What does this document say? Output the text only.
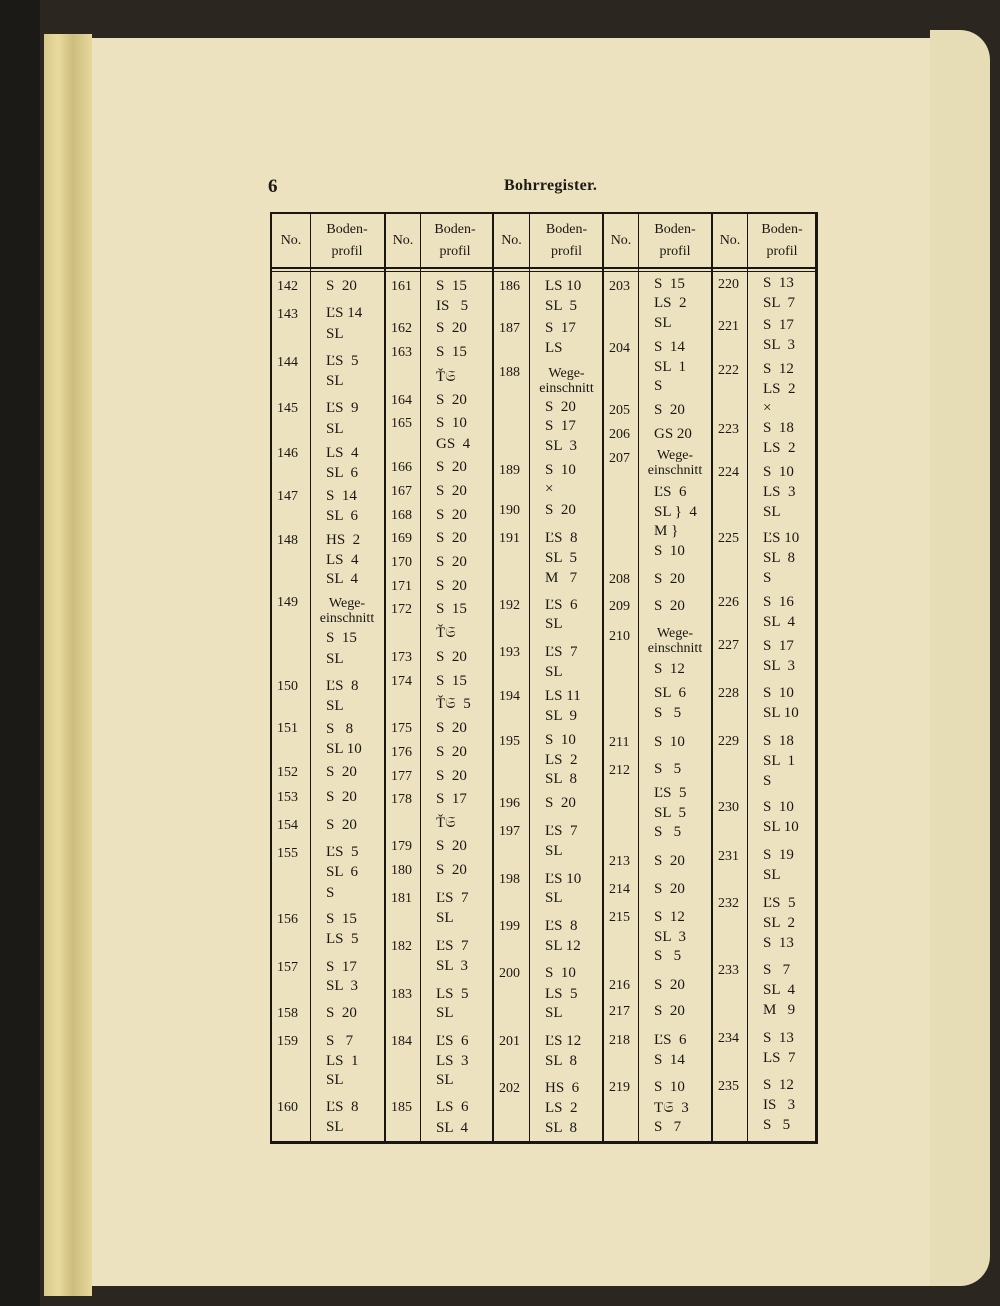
6	Bohrregister.
No.
Boden-
profil
142
143
144
145
146
147
148
149
150
151
152
153
154
155
156
157
158
159
160
S  20
ĽS 14
SL
ĽS  5
SL
ĽS  9
SL
LS  4
SL  6
S  14
SL  6
HS  2
LS  4
SL  4
Wege-
einschnitt
S  15
SL
ĽS  8
SL
S   8
SL 10
S  20
S  20
S  20
ĽS  5
SL  6
S
S  15
LS  5
S  17
SL  3
S  20
S   7
LS  1
SL
ĽS  8
SL
No.
Boden-
profil
161
162
163
164
165
166
167
168
169
170
171
172
173
174
175
176
177
178
179
180
181
182
183
184
185
S  15
IS   5
S  20
S  15
Ť𝔖
S  20
S  10
GS  4
S  20
S  20
S  20
S  20
S  20
S  20
S  15
Ť𝔖
S  20
S  15
Ť𝔖  5
S  20
S  20
S  20
S  17
Ť𝔖
S  20
S  20
ĽS  7
SL
ĽS  7
SL  3
LS  5
SL
ĽS  6
LS  3
SL
LS  6
SL  4
No.
Boden-
profil
186
187
188
189
190
191
192
193
194
195
196
197
198
199
200
201
202
LS 10
SL  5
S  17
LS
Wege-
einschnitt
S  20
S  17
SL  3
S  10
×
S  20
ĽS  8
SL  5
M   7
ĽS  6
SL
ĽS  7
SL
LS 11
SL  9
S  10
LS  2
SL  8
S  20
ĽS  7
SL
ĽS 10
SL
ĽS  8
SL 12
S  10
LS  5
SL
ĽS 12
SL  8
HS  6
LS  2
SL  8
No.
Boden-
profil
203
204
205
206
207
208
209
210
211
212
213
214
215
216
217
218
219
S  15
LS  2
SL
S  14
SL  1
S
S  20
GS 20
Wege-
einschnitt
ĽS  6
SL }  4
M }
S  10
S  20
S  20
Wege-
einschnitt
S  12
SL  6
S   5
S  10
S   5
ĽS  5
SL  5
S   5
S  20
S  20
S  12
SL  3
S   5
S  20
S  20
ĽS  6
S  14
S  10
T𝔖  3
S   7
No.
Boden-
profil
220
221
222
223
224
225
226
227
228
229
230
231
232
233
234
235
S  13
SL  7
S  17
SL  3
S  12
LS  2
×
S  18
LS  2
S  10
LS  3
SL
ĽS 10
SL  8
S
S  16
SL  4
S  17
SL  3
S  10
SL 10
S  18
SL  1
S
S  10
SL 10
S  19
SL
ĽS  5
SL  2
S  13
S   7
SL  4
M   9
S  13
LS  7
S  12
IS   3
S   5
